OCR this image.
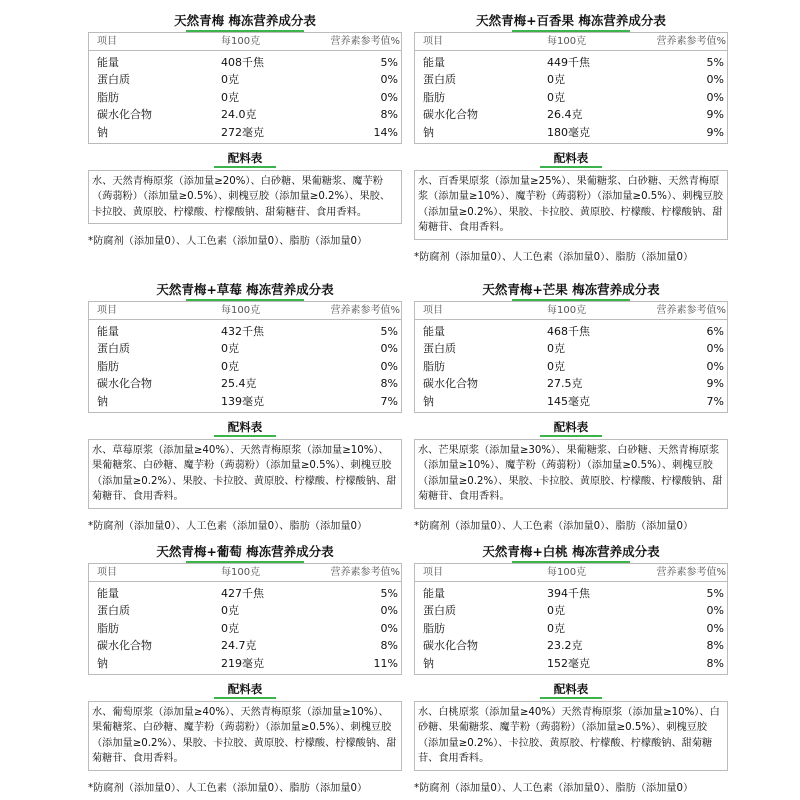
天然青梅 梅冻营养成分表
项目	每100克	营养素参考值%
能量	408千焦	5%
蛋白质	0克	0%
脂肪	0克	0%
碳水化合物	24.0克	8%
钠	272毫克	14%
配料表
水、天然青梅原浆（添加量≥20%）、白砂糖、果葡糖浆、魔芋粉（蒟蒻粉）（添加量≥0.5%）、刺槐豆胶（添加量≥0.2%）、果胶、卡拉胶、黄原胶、柠檬酸、柠檬酸钠、甜菊糖苷、食用香料。
*防腐剂（添加量0）、人工色素（添加量0）、脂肪（添加量0）
天然青梅+百香果 梅冻营养成分表
项目	每100克	营养素参考值%
能量	449千焦	5%
蛋白质	0克	0%
脂肪	0克	0%
碳水化合物	26.4克	9%
钠	180毫克	9%
配料表
水、百香果原浆（添加量≥25%）、果葡糖浆、白砂糖、天然青梅原浆（添加量≥10%）、魔芋粉（蒟蒻粉）（添加量≥0.5%）、刺槐豆胶（添加量≥0.2%）、果胶、卡拉胶、黄原胶、柠檬酸、柠檬酸钠、甜菊糖苷、食用香料。
*防腐剂（添加量0）、人工色素（添加量0）、脂肪（添加量0）
天然青梅+草莓 梅冻营养成分表
项目	每100克	营养素参考值%
能量	432千焦	5%
蛋白质	0克	0%
脂肪	0克	0%
碳水化合物	25.4克	8%
钠	139毫克	7%
配料表
水、草莓原浆（添加量≥40%）、天然青梅原浆（添加量≥10%）、果葡糖浆、白砂糖、魔芋粉（蒟蒻粉）（添加量≥0.5%）、刺槐豆胶（添加量≥0.2%）、果胶、卡拉胶、黄原胶、柠檬酸、柠檬酸钠、甜菊糖苷、食用香料。
*防腐剂（添加量0）、人工色素（添加量0）、脂肪（添加量0）
天然青梅+芒果 梅冻营养成分表
项目	每100克	营养素参考值%
能量	468千焦	6%
蛋白质	0克	0%
脂肪	0克	0%
碳水化合物	27.5克	9%
钠	145毫克	7%
配料表
水、芒果原浆（添加量≥30%）、果葡糖浆、白砂糖、天然青梅原浆（添加量≥10%）、魔芋粉（蒟蒻粉）（添加量≥0.5%）、刺槐豆胶（添加量≥0.2%）、果胶、卡拉胶、黄原胶、柠檬酸、柠檬酸钠、甜菊糖苷、食用香料。
*防腐剂（添加量0）、人工色素（添加量0）、脂肪（添加量0）
天然青梅+葡萄 梅冻营养成分表
项目	每100克	营养素参考值%
能量	427千焦	5%
蛋白质	0克	0%
脂肪	0克	0%
碳水化合物	24.7克	8%
钠	219毫克	11%
配料表
水、葡萄原浆（添加量≥40%）、天然青梅原浆（添加量≥10%）、果葡糖浆、白砂糖、魔芋粉（蒟蒻粉）（添加量≥0.5%）、刺槐豆胶（添加量≥0.2%）、果胶、卡拉胶、黄原胶、柠檬酸、柠檬酸钠、甜菊糖苷、食用香料。
*防腐剂（添加量0）、人工色素（添加量0）、脂肪（添加量0）
天然青梅+白桃 梅冻营养成分表
项目	每100克	营养素参考值%
能量	394千焦	5%
蛋白质	0克	0%
脂肪	0克	0%
碳水化合物	23.2克	8%
钠	152毫克	8%
配料表
水、白桃原浆（添加量≥40%）天然青梅原浆（添加量≥10%）、白砂糖、果葡糖浆、魔芋粉（蒟蒻粉）（添加量≥0.5%）、刺槐豆胶（添加量≥0.2%）、卡拉胶、黄原胶、柠檬酸、柠檬酸钠、甜菊糖苷、食用香料。
*防腐剂（添加量0）、人工色素（添加量0）、脂肪（添加量0）
